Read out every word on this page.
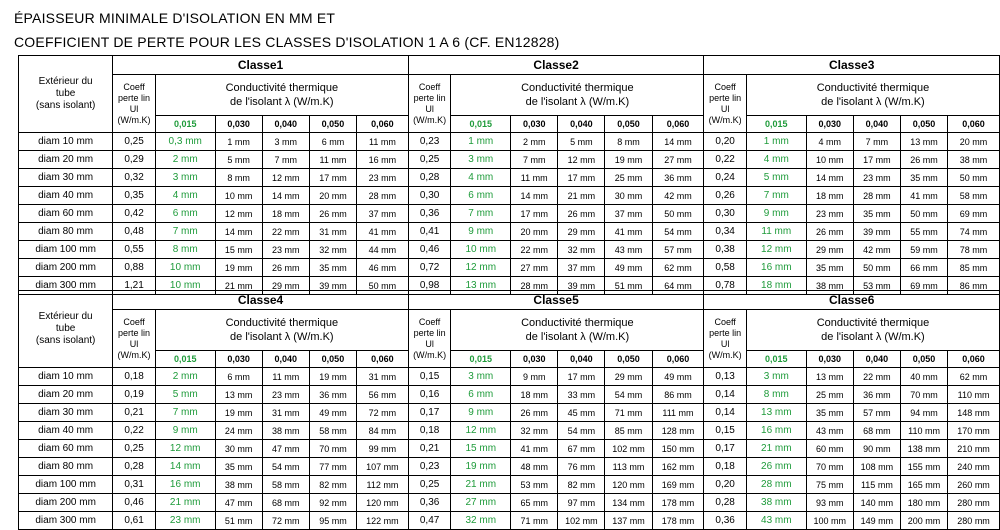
ÉPAISSEUR MINIMALE D'ISOLATION EN MM ET
COEFFICIENT DE PERTE POUR LES CLASSES D'ISOLATION 1 A 6 (CF. EN12828)
Extérieur du
tube
(sans isolant)	Classe1						Classe2						Classe3					
	Coeff
perte lin
Ul
(W/m.K)	Conductivité thermique
de l'isolant λ (W/m.K)					Coeff
perte lin
Ul
(W/m.K)	Conductivité thermique
de l'isolant λ (W/m.K)					Coeff
perte lin
Ul
(W/m.K)	Conductivité thermique
de l'isolant λ (W/m.K)				
		0,015	0,030	0,040	0,050	0,060		0,015	0,030	0,040	0,050	0,060		0,015	0,030	0,040	0,050	0,060
diam 10 mm	0,25	0,3 mm	1 mm	3 mm	6 mm	11 mm	0,23	1 mm	2 mm	5 mm	8 mm	14 mm	0,20	1 mm	4 mm	7 mm	13 mm	20 mm
diam 20 mm	0,29	2 mm	5 mm	7 mm	11 mm	16 mm	0,25	3 mm	7 mm	12 mm	19 mm	27 mm	0,22	4 mm	10 mm	17 mm	26 mm	38 mm
diam 30 mm	0,32	3 mm	8 mm	12 mm	17 mm	23 mm	0,28	4 mm	11 mm	17 mm	25 mm	36 mm	0,24	5 mm	14 mm	23 mm	35 mm	50 mm
diam 40 mm	0,35	4 mm	10 mm	14 mm	20 mm	28 mm	0,30	6 mm	14 mm	21 mm	30 mm	42 mm	0,26	7 mm	18 mm	28 mm	41 mm	58 mm
diam 60 mm	0,42	6 mm	12 mm	18 mm	26 mm	37 mm	0,36	7 mm	17 mm	26 mm	37 mm	50 mm	0,30	9 mm	23 mm	35 mm	50 mm	69 mm
diam 80 mm	0,48	7 mm	14 mm	22 mm	31 mm	41 mm	0,41	9 mm	20 mm	29 mm	41 mm	54 mm	0,34	11 mm	26 mm	39 mm	55 mm	74 mm
diam 100 mm	0,55	8 mm	15 mm	23 mm	32 mm	44 mm	0,46	10 mm	22 mm	32 mm	43 mm	57 mm	0,38	12 mm	29 mm	42 mm	59 mm	78 mm
diam 200 mm	0,88	10 mm	19 mm	26 mm	35 mm	46 mm	0,72	12 mm	27 mm	37 mm	49 mm	62 mm	0,58	16 mm	35 mm	50 mm	66 mm	85 mm
diam 300 mm	1,21	10 mm	21 mm	29 mm	39 mm	50 mm	0,98	13 mm	28 mm	39 mm	51 mm	64 mm	0,78	18 mm	38 mm	53 mm	69 mm	86 mm
Extérieur du
tube
(sans isolant)	Classe4						Classe5						Classe6					
	Coeff
perte lin
Ul
(W/m.K)	Conductivité thermique
de l'isolant λ (W/m.K)					Coeff
perte lin
Ul
(W/m.K)	Conductivité thermique
de l'isolant λ (W/m.K)					Coeff
perte lin
Ul
(W/m.K)	Conductivité thermique
de l'isolant λ (W/m.K)				
		0,015	0,030	0,040	0,050	0,060		0,015	0,030	0,040	0,050	0,060		0,015	0,030	0,040	0,050	0,060
diam 10 mm	0,18	2 mm	6 mm	11 mm	19 mm	31 mm	0,15	3 mm	9 mm	17 mm	29 mm	49 mm	0,13	3 mm	13 mm	22 mm	40 mm	62 mm
diam 20 mm	0,19	5 mm	13 mm	23 mm	36 mm	56 mm	0,16	6 mm	18 mm	33 mm	54 mm	86 mm	0,14	8 mm	25 mm	36 mm	70 mm	110 mm
diam 30 mm	0,21	7 mm	19 mm	31 mm	49 mm	72 mm	0,17	9 mm	26 mm	45 mm	71 mm	111 mm	0,14	13 mm	35 mm	57 mm	94 mm	148 mm
diam 40 mm	0,22	9 mm	24 mm	38 mm	58 mm	84 mm	0,18	12 mm	32 mm	54 mm	85 mm	128 mm	0,15	16 mm	43 mm	68 mm	110 mm	170 mm
diam 60 mm	0,25	12 mm	30 mm	47 mm	70 mm	99 mm	0,21	15 mm	41 mm	67 mm	102 mm	150 mm	0,17	21 mm	60 mm	90 mm	138 mm	210 mm
diam 80 mm	0,28	14 mm	35 mm	54 mm	77 mm	107 mm	0,23	19 mm	48 mm	76 mm	113 mm	162 mm	0,18	26 mm	70 mm	108 mm	155 mm	240 mm
diam 100 mm	0,31	16 mm	38 mm	58 mm	82 mm	112 mm	0,25	21 mm	53 mm	82 mm	120 mm	169 mm	0,20	28 mm	75 mm	115 mm	165 mm	260 mm
diam 200 mm	0,46	21 mm	47 mm	68 mm	92 mm	120 mm	0,36	27 mm	65 mm	97 mm	134 mm	178 mm	0,28	38 mm	93 mm	140 mm	180 mm	280 mm
diam 300 mm	0,61	23 mm	51 mm	72 mm	95 mm	122 mm	0,47	32 mm	71 mm	102 mm	137 mm	178 mm	0,36	43 mm	100 mm	149 mm	200 mm	280 mm
